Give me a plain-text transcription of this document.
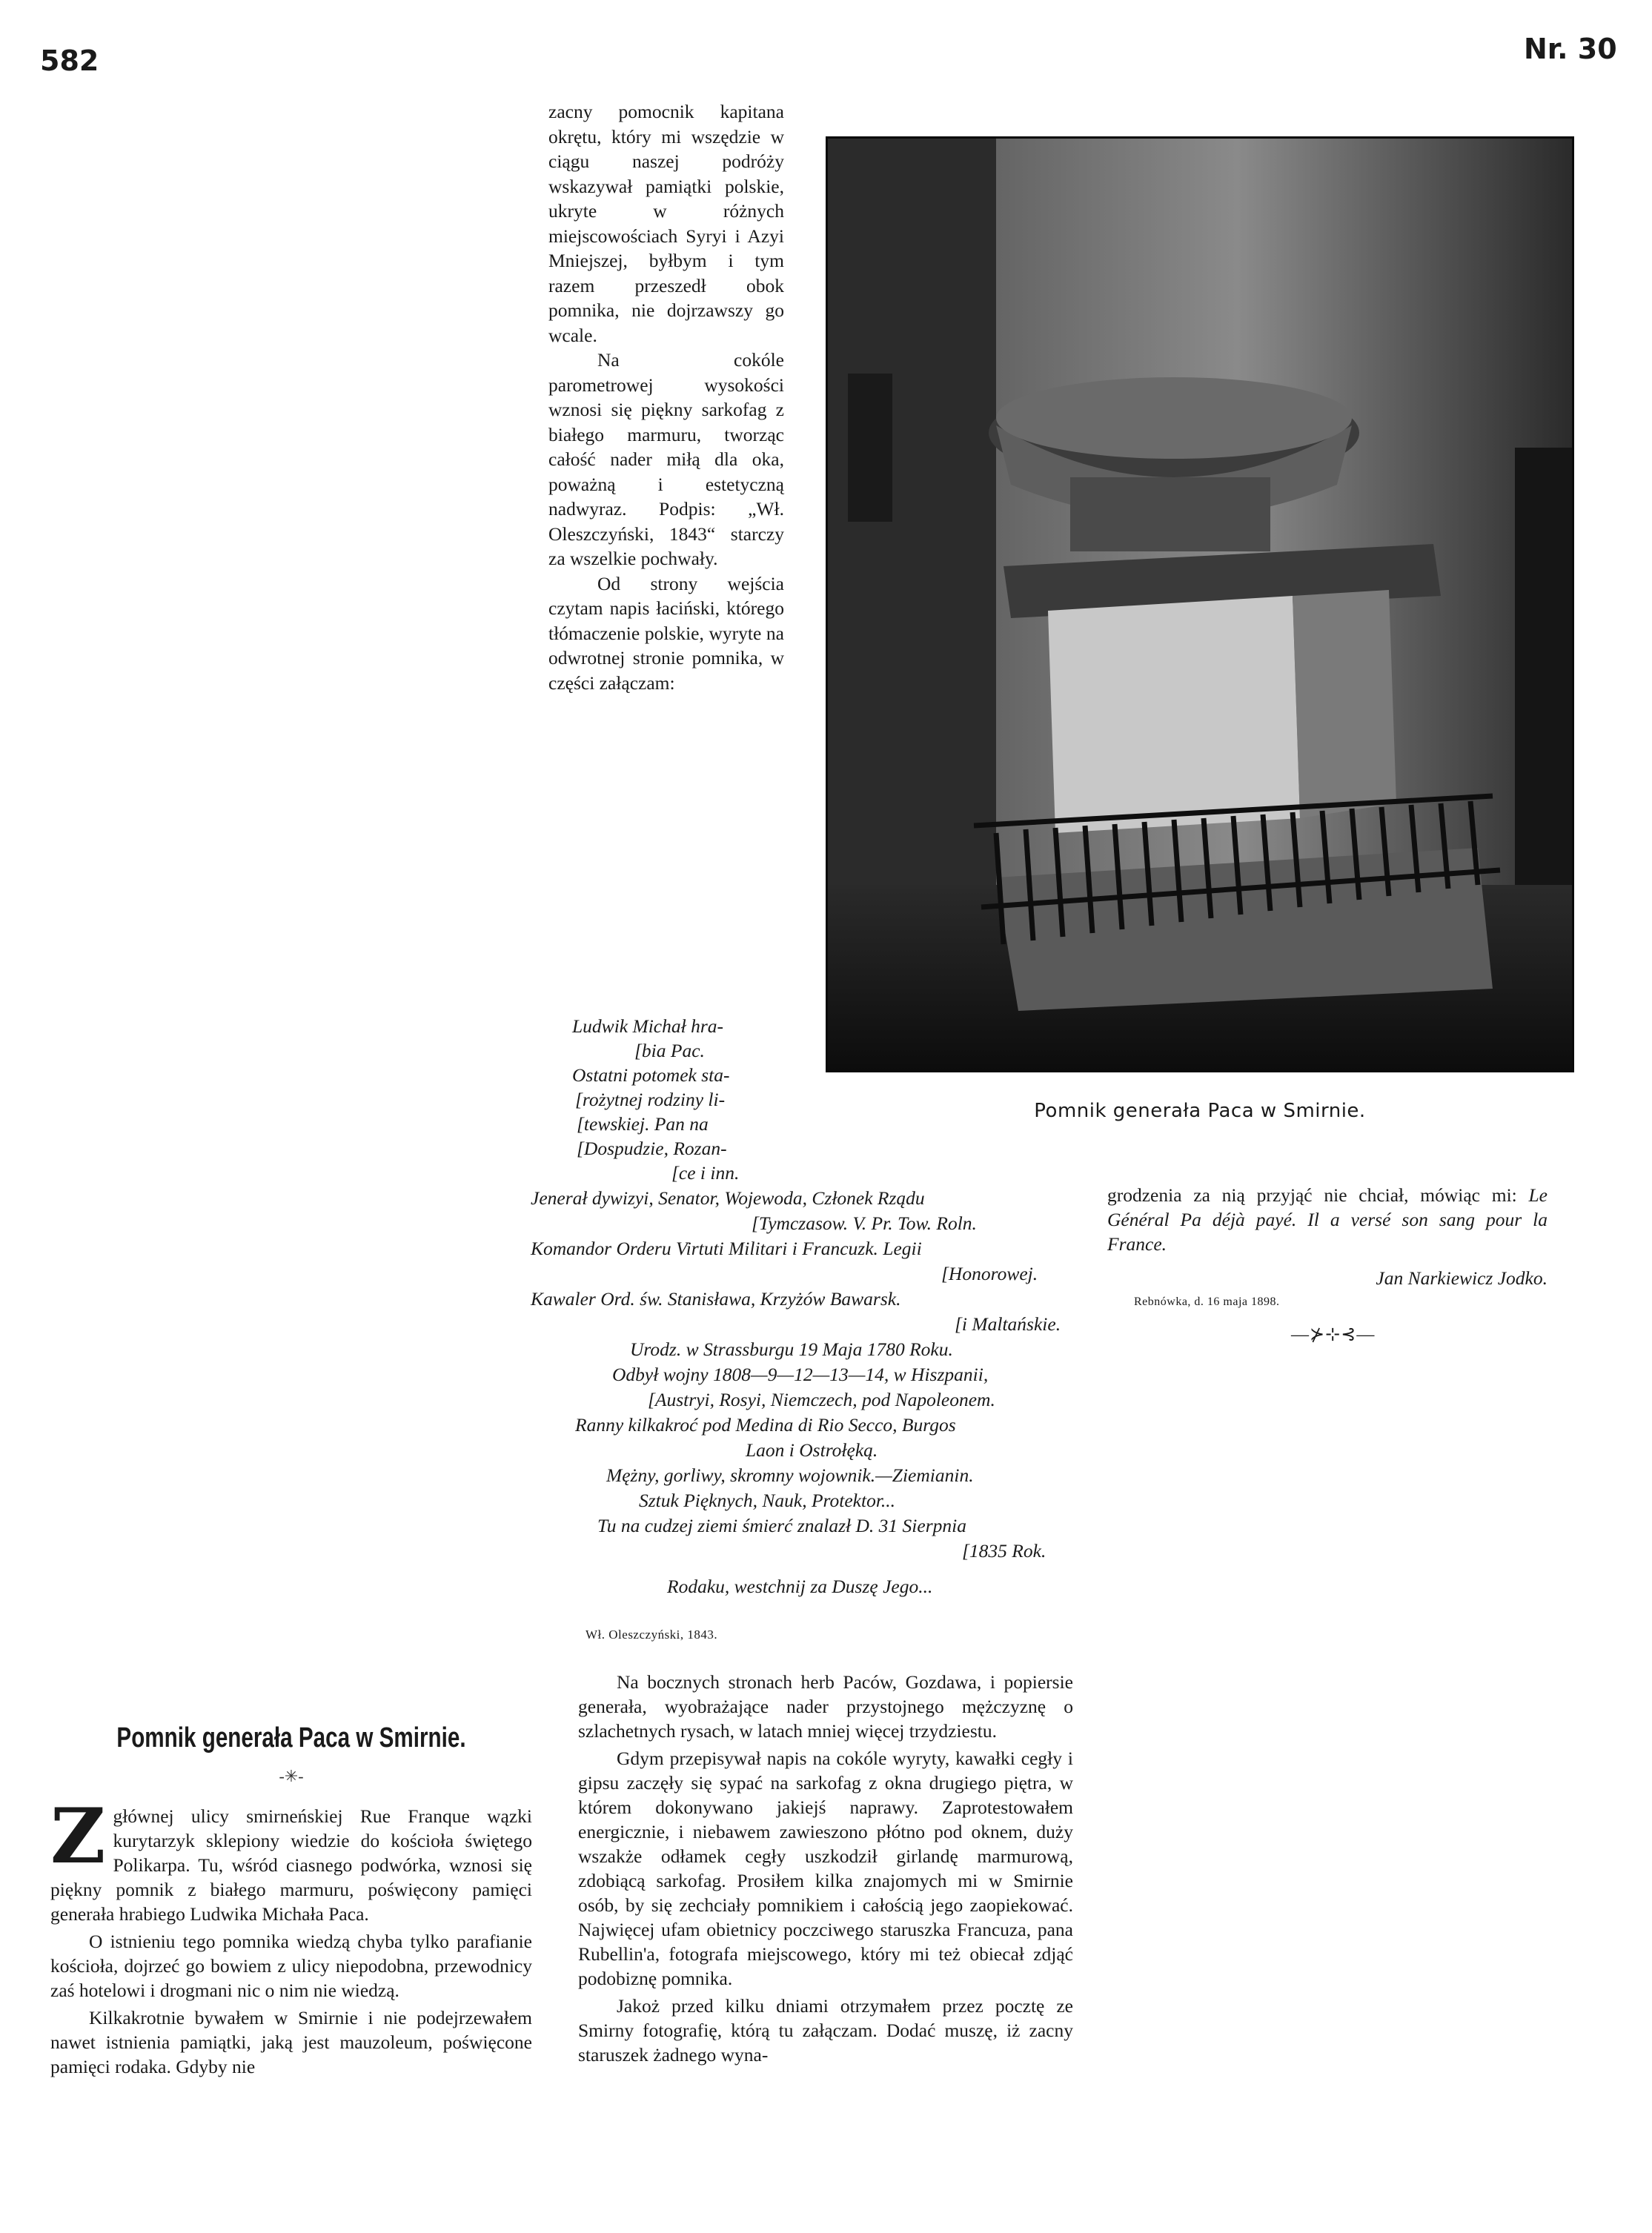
582	Nr. 30

zacny pomocnik kapitana okrętu, który mi wszędzie w ciągu naszej podróży wskazywał pamiątki polskie, ukryte w różnych miejscowościach Syryi i Azyi Mniejszej, byłbym i tym razem przeszedł obok pomnika, nie dojrzawszy go wcale.

Na cokóle parometrowej wysokości wznosi się piękny sarkofag z białego marmuru, tworząc całość nader miłą dla oka, poważną i estetyczną nadwyraz. Podpis: „Wł. Oleszczyński, 1843“ starczy za wszelkie pochwały.

Od strony wejścia czytam napis łaciński, którego tłómaczenie polskie, wyryte na odwrotnej stronie pomnika, w części załączam:

Pomnik generała Paca w Smirnie.
Ludwik Michał hra-
[bia Pac.
Ostatni potomek sta-
[rożytnej rodziny li-
[tewskiej. Pan na
[Dospudzie, Rozan-
[ce i inn.
Jenerał dywizyi, Senator, Wojewoda, Członek Rządu
[Tymczasow. V. Pr. Tow. Roln.
Komandor Orderu Virtuti Militari i Francuzk. Legii
[Honorowej.
Kawaler Ord. św. Stanisława, Krzyżów Bawarsk.
[i Maltańskie.
Urodz. w Strassburgu 19 Maja 1780 Roku.
Odbył wojny 1808—9—12—13—14, w Hiszpanii,
[Austryi, Rosyi, Niemczech, pod Napoleonem.
Ranny kilkakroć pod Medina di Rio Secco, Burgos
Laon i Ostrołęką.
Mężny, gorliwy, skromny wojownik.—Ziemianin.
Sztuk Pięknych, Nauk, Protektor...
Tu na cudzej ziemi śmierć znalazł D. 31 Sierpnia
[1835 Rok.
Rodaku, westchnij za Duszę Jego...
Wł. Oleszczyński, 1843.

grodzenia za nią przyjąć nie chciał, mówiąc mi: Le Général Pa déjà payé. Il a versé son sang pour la France.

Jan Narkiewicz Jodko.
Rebnówka, d. 16 maja 1898.
—⊁⊹⊰—
Pomnik generała Paca w Smirnie.
-✳-

Zgłównej ulicy smirneńskiej Rue Franque wązki kurytarzyk sklepiony wiedzie do kościoła świętego Polikarpa. Tu, wśród ciasnego podwórka, wznosi się piękny pomnik z białego marmuru, poświęcony pamięci generała hrabiego Ludwika Michała Paca.

O istnieniu tego pomnika wiedzą chyba tylko parafianie kościoła, dojrzeć go bowiem z ulicy niepodobna, przewodnicy zaś hotelowi i drogmani nic o nim nie wiedzą.

Kilkakrotnie bywałem w Smirnie i nie podejrzewałem nawet istnienia pamiątki, jaką jest mauzoleum, poświęcone pamięci rodaka. Gdyby nie

Na bocznych stronach herb Paców, Gozdawa, i popiersie generała, wyobrażające nader przystojnego mężczyznę o szlachetnych rysach, w latach mniej więcej trzydziestu.

Gdym przepisywał napis na cokóle wyryty, kawałki cegły i gipsu zaczęły się sypać na sarkofag z okna drugiego piętra, w którem dokonywano jakiejś naprawy. Zaprotestowałem energicznie, i niebawem zawieszono płótno pod oknem, duży wszakże odłamek cegły uszkodził girlandę marmurową, zdobiącą sarkofag. Prosiłem kilka znajomych mi w Smirnie osób, by się zechciały pomnikiem i całością jego zaopiekować. Najwięcej ufam obietnicy poczciwego staruszka Francuza, pana Rubellin'a, fotografa miejscowego, który mi też obiecał zdjąć podobiznę pomnika.

Jakoż przed kilku dniami otrzymałem przez pocztę ze Smirny fotografię, którą tu załączam. Dodać muszę, iż zacny staruszek żadnego wyna-
